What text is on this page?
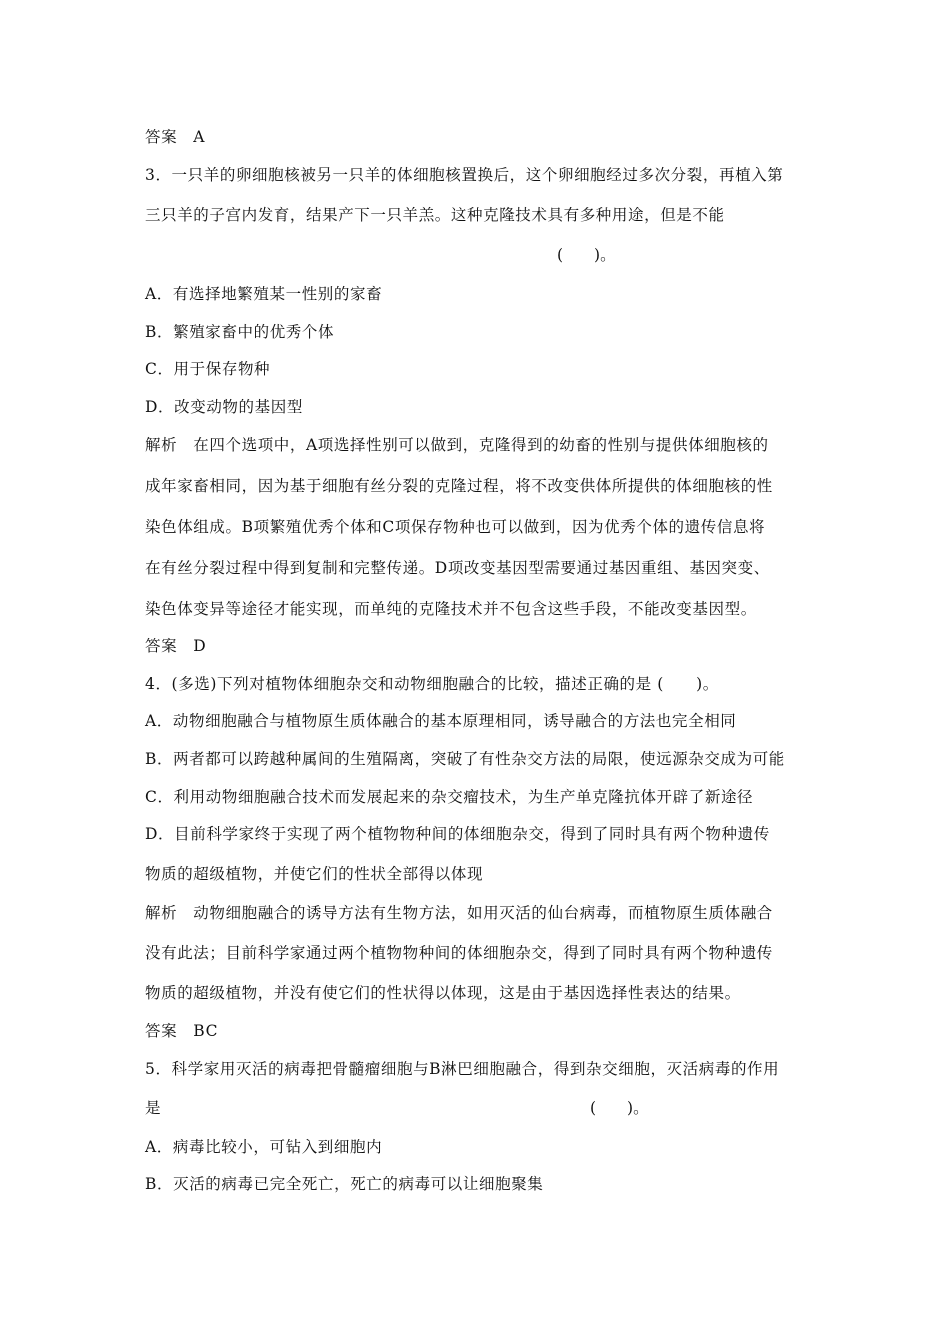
答案　A
3．一只羊的卵细胞核被另一只羊的体细胞核置换后，这个卵细胞经过多次分裂，再植入第
三只羊的子宫内发育，结果产下一只羊羔。这种克隆技术具有多种用途，但是不能
(　　)。
A．有选择地繁殖某一性别的家畜
B．繁殖家畜中的优秀个体
C．用于保存物种
D．改变动物的基因型
解析　在四个选项中，A项选择性别可以做到，克隆得到的幼畜的性别与提供体细胞核的
成年家畜相同，因为基于细胞有丝分裂的克隆过程，将不改变供体所提供的体细胞核的性
染色体组成。B项繁殖优秀个体和C项保存物种也可以做到，因为优秀个体的遗传信息将
在有丝分裂过程中得到复制和完整传递。D项改变基因型需要通过基因重组、基因突变、
染色体变异等途径才能实现，而单纯的克隆技术并不包含这些手段，不能改变基因型。
答案　D
4．(多选)下列对植物体细胞杂交和动物细胞融合的比较，描述正确的是 (　　)。
A．动物细胞融合与植物原生质体融合的基本原理相同，诱导融合的方法也完全相同
B．两者都可以跨越种属间的生殖隔离，突破了有性杂交方法的局限，使远源杂交成为可能
C．利用动物细胞融合技术而发展起来的杂交瘤技术，为生产单克隆抗体开辟了新途径
D．目前科学家终于实现了两个植物物种间的体细胞杂交，得到了同时具有两个物种遗传
物质的超级植物，并使它们的性状全部得以体现
解析　动物细胞融合的诱导方法有生物方法，如用灭活的仙台病毒，而植物原生质体融合
没有此法；目前科学家通过两个植物物种间的体细胞杂交，得到了同时具有两个物种遗传
物质的超级植物，并没有使它们的性状得以体现，这是由于基因选择性表达的结果。
答案　BC
5．科学家用灭活的病毒把骨髓瘤细胞与B淋巴细胞融合，得到杂交细胞，灭活病毒的作用
是	(　　)。
A．病毒比较小，可钻入到细胞内
B．灭活的病毒已完全死亡，死亡的病毒可以让细胞聚集
